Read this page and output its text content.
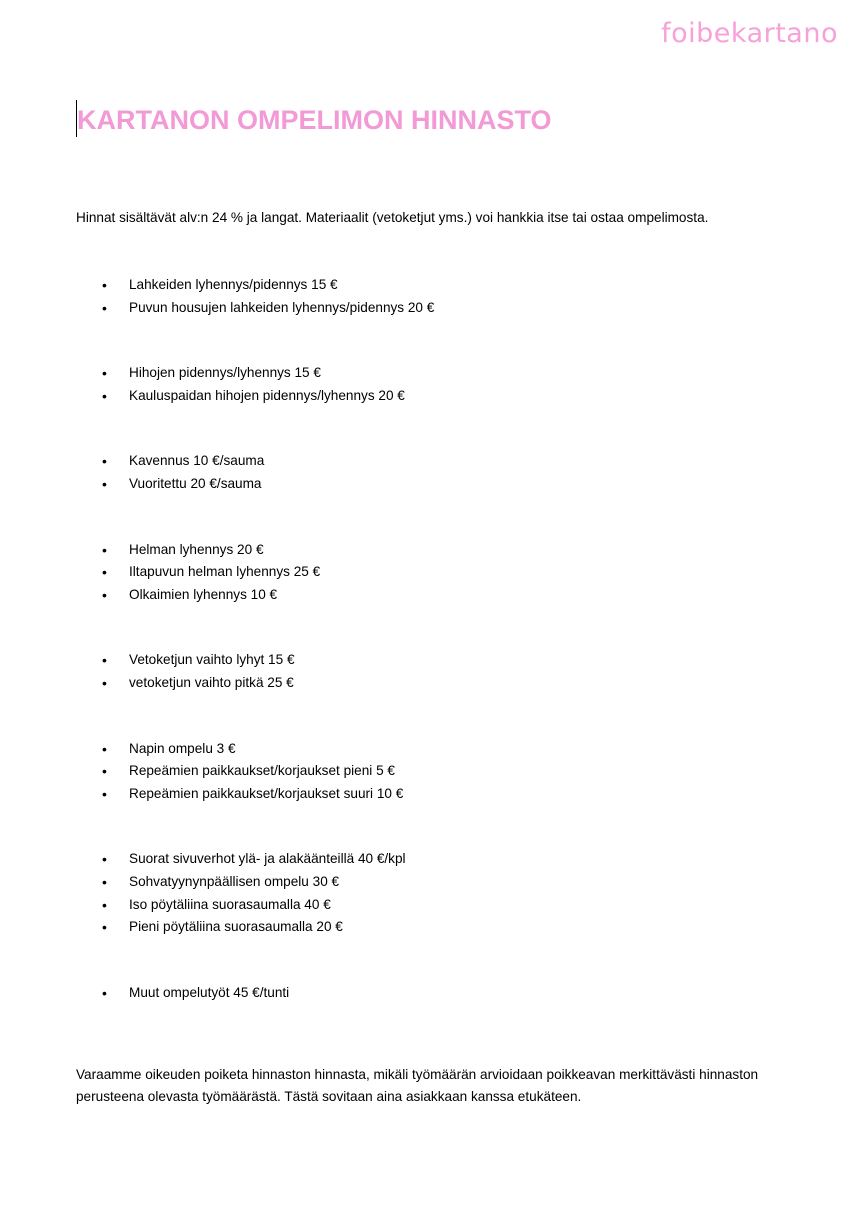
foibekartano
KARTANON OMPELIMON HINNASTO

Hinnat sisältävät alv:n 24 % ja langat. Materiaalit (vetoketjut yms.) voi hankkia itse tai ostaa ompelimosta.

• Lahkeiden lyhennys/pidennys 15 €
• Puvun housujen lahkeiden lyhennys/pidennys 20 €
• Hihojen pidennys/lyhennys 15 €
• Kauluspaidan hihojen pidennys/lyhennys 20 €
• Kavennus 10 €/sauma
• Vuoritettu 20 €/sauma
• Helman lyhennys 20 €
• Iltapuvun helman lyhennys 25 €
• Olkaimien lyhennys 10 €
• Vetoketjun vaihto lyhyt 15 €
• vetoketjun vaihto pitkä 25 €
• Napin ompelu 3 €
• Repeämien paikkaukset/korjaukset pieni 5 €
• Repeämien paikkaukset/korjaukset suuri 10 €
• Suorat sivuverhot ylä- ja alakäänteillä 40 €/kpl
• Sohvatyynynpäällisen ompelu 30 €
• Iso pöytäliina suorasaumalla 40 €
• Pieni pöytäliina suorasaumalla 20 €
• Muut ompelutyöt 45 €/tunti

Varaamme oikeuden poiketa hinnaston hinnasta, mikäli työmäärän arvioidaan poikkeavan merkittävästi hinnaston perusteena olevasta työmäärästä. Tästä sovitaan aina asiakkaan kanssa etukäteen.
